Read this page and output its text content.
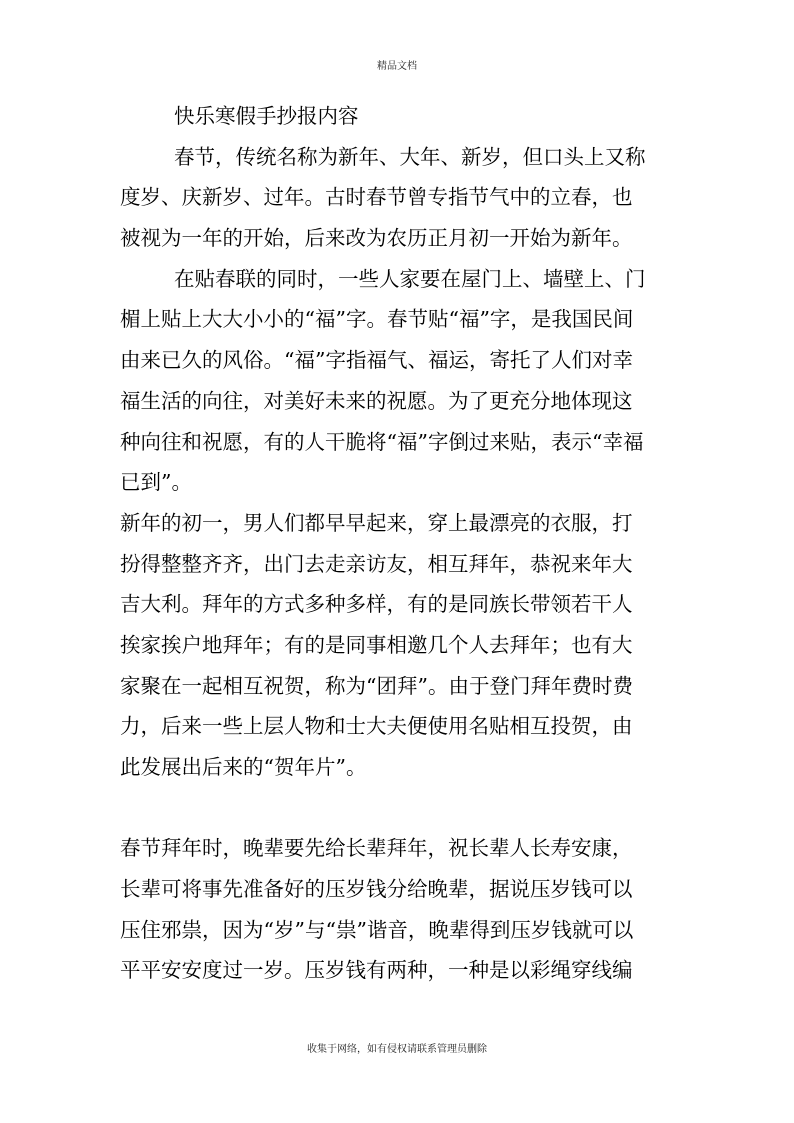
精品文档
快乐寒假手抄报内容
春节，传统名称为新年、大年、新岁，但口头上又称
度岁、庆新岁、过年。古时春节曾专指节气中的立春，也
被视为一年的开始，后来改为农历正月初一开始为新年。
在贴春联的同时，一些人家要在屋门上、墙壁上、门
楣上贴上大大小小的“福”字。春节贴“福”字，是我国民间
由来已久的风俗。“福”字指福气、福运，寄托了人们对幸
福生活的向往，对美好未来的祝愿。为了更充分地体现这
种向往和祝愿，有的人干脆将“福”字倒过来贴，表示“幸福
已到”。
新年的初一，男人们都早早起来，穿上最漂亮的衣服，打
扮得整整齐齐，出门去走亲访友，相互拜年，恭祝来年大
吉大利。拜年的方式多种多样，有的是同族长带领若干人
挨家挨户地拜年；有的是同事相邀几个人去拜年；也有大
家聚在一起相互祝贺，称为“团拜”。由于登门拜年费时费
力，后来一些上层人物和士大夫便使用名贴相互投贺，由
此发展出后来的“贺年片”。
春节拜年时，晚辈要先给长辈拜年，祝长辈人长寿安康，
长辈可将事先准备好的压岁钱分给晚辈，据说压岁钱可以
压住邪祟，因为“岁”与“祟”谐音，晚辈得到压岁钱就可以
平平安安度过一岁。压岁钱有两种，一种是以彩绳穿线编
收集于网络，如有侵权请联系管理员删除
